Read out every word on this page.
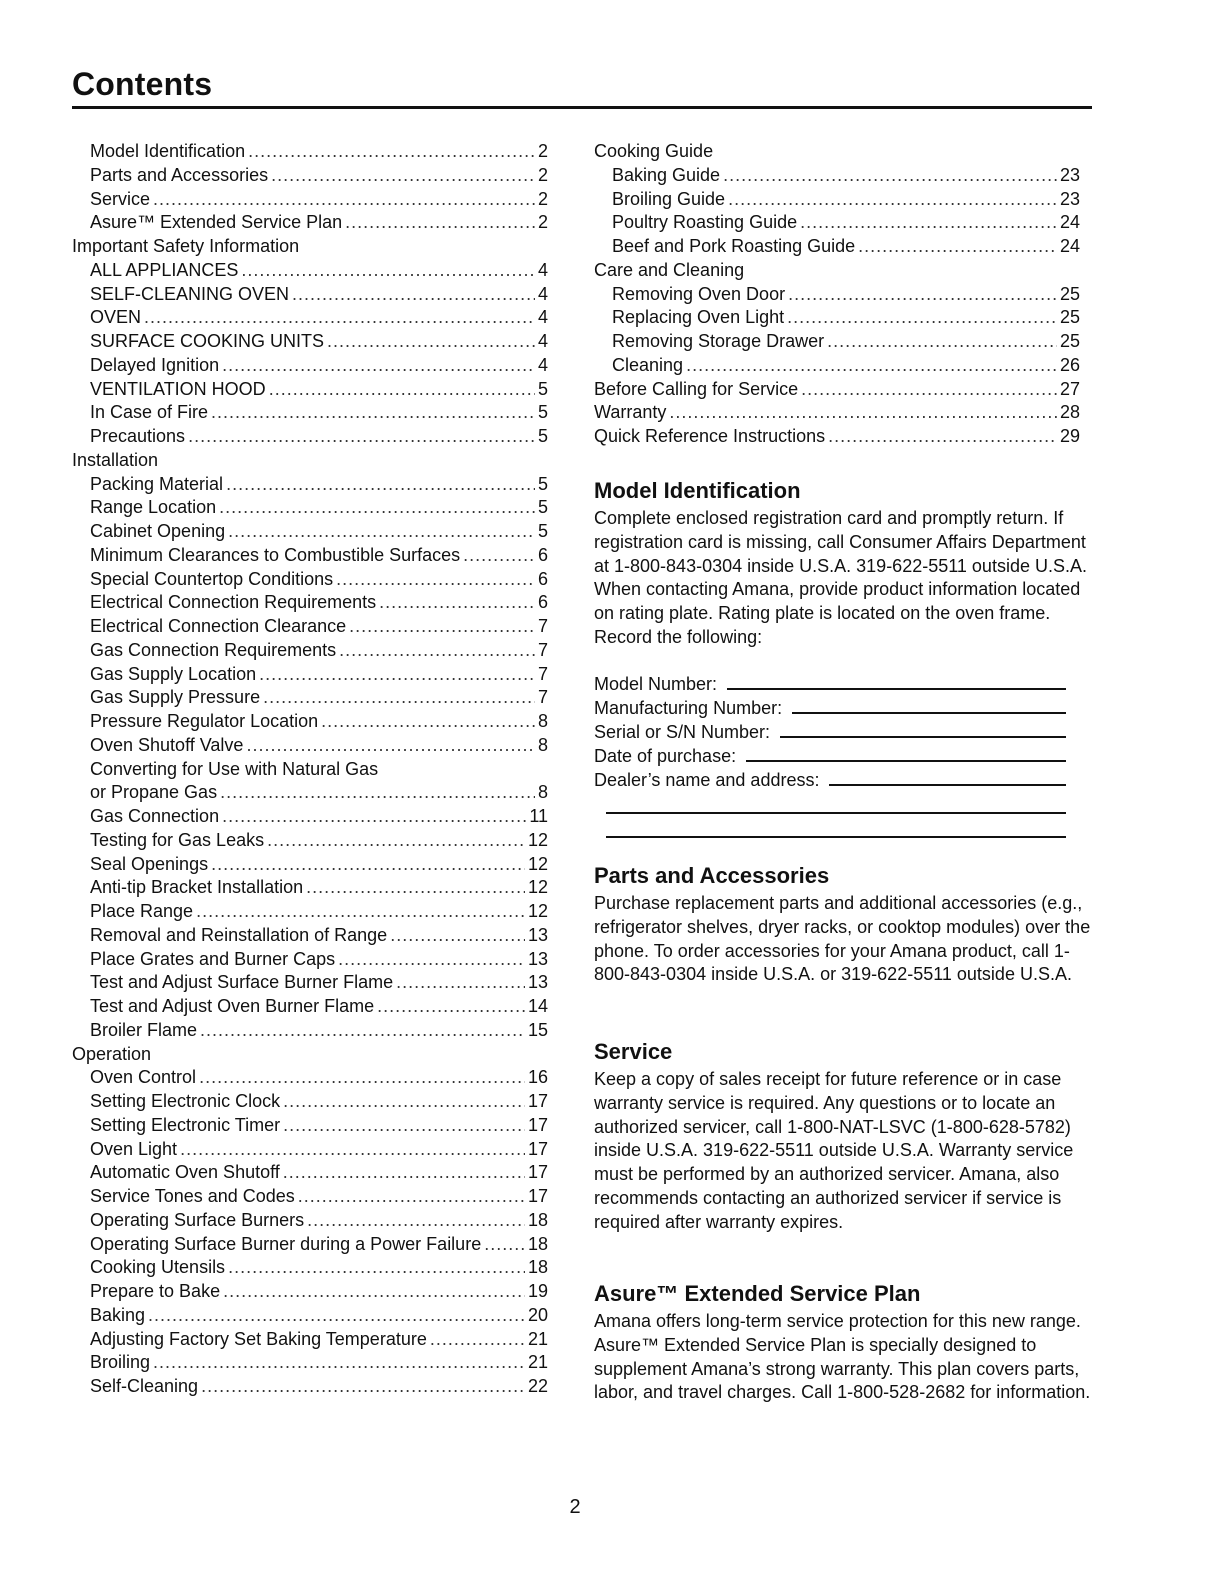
Contents
Model Identification .....	2
Parts and Accessories .....	2
Service .....	2
Asure™ Extended Service Plan .....	2
Important Safety Information
ALL APPLIANCES .....	4
SELF-CLEANING OVEN .....	4
OVEN .....	4
SURFACE COOKING UNITS .....	4
Delayed Ignition .....	4
VENTILATION HOOD .....	5
In Case of Fire .....	5
Precautions .....	5
Installation
Packing Material .....	5
Range Location .....	5
Cabinet Opening .....	5
Minimum Clearances to Combustible Surfaces .....	6
Special Countertop Conditions .....	6
Electrical Connection Requirements .....	6
Electrical Connection Clearance .....	7
Gas Connection Requirements .....	7
Gas Supply Location .....	7
Gas Supply Pressure .....	7
Pressure Regulator Location .....	8
Oven Shutoff Valve .....	8
Converting for Use with Natural Gas
or Propane Gas .....	8
Gas Connection .....	11
Testing for Gas Leaks .....	12
Seal Openings .....	12
Anti-tip Bracket Installation .....	12
Place Range .....	12
Removal and Reinstallation of Range .....	13
Place Grates and Burner Caps .....	13
Test and Adjust Surface Burner Flame .....	13
Test and Adjust Oven Burner Flame .....	14
Broiler Flame .....	15
Operation
Oven Control .....	16
Setting Electronic Clock .....	17
Setting Electronic Timer .....	17
Oven Light .....	17
Automatic Oven Shutoff .....	17
Service Tones and Codes .....	17
Operating Surface Burners .....	18
Operating Surface Burner during a Power Failure .....	18
Cooking Utensils .....	18
Prepare to Bake .....	19
Baking .....	20
Adjusting Factory Set Baking Temperature .....	21
Broiling .....	21
Self-Cleaning .....	22
Cooking Guide
Baking Guide .....	23
Broiling Guide .....	23
Poultry Roasting Guide .....	24
Beef and Pork Roasting Guide .....	24
Care and Cleaning
Removing Oven Door .....	25
Replacing Oven Light .....	25
Removing Storage Drawer .....	25
Cleaning .....	26
Before Calling for Service .....	27
Warranty .....	28
Quick Reference Instructions .....	29
Model Identification

Complete enclosed registration card and promptly return. If registration card is missing, call Consumer Affairs Department at 1-800-843-0304 inside U.S.A. 319-622-5511 outside U.S.A. When contacting Amana, provide product information located on rating plate. Rating plate is located on the oven frame. Record the following:

Model Number:
Manufacturing Number:
Serial or S/N Number:
Date of purchase:
Dealer’s name and address:
Parts and Accessories

Purchase replacement parts and additional accessories (e.g., refrigerator shelves, dryer racks, or cooktop modules) over the phone. To order accessories for your Amana product, call 1-800-843-0304 inside U.S.A. or 319-622-5511 outside U.S.A.

Service

Keep a copy of sales receipt for future reference or in case warranty service is required. Any questions or to locate an authorized servicer, call 1-800-NAT-LSVC (1-800-628-5782) inside U.S.A. 319-622-5511 outside U.S.A. Warranty service must be performed by an authorized servicer. Amana, also recommends contacting an authorized servicer if service is required after warranty expires.

Asure™ Extended Service Plan

Amana offers long-term service protection for this new range. Asure™ Extended Service Plan is specially designed to supplement Amana’s strong warranty. This plan covers parts, labor, and travel charges. Call 1-800-528-2682 for information.

2
